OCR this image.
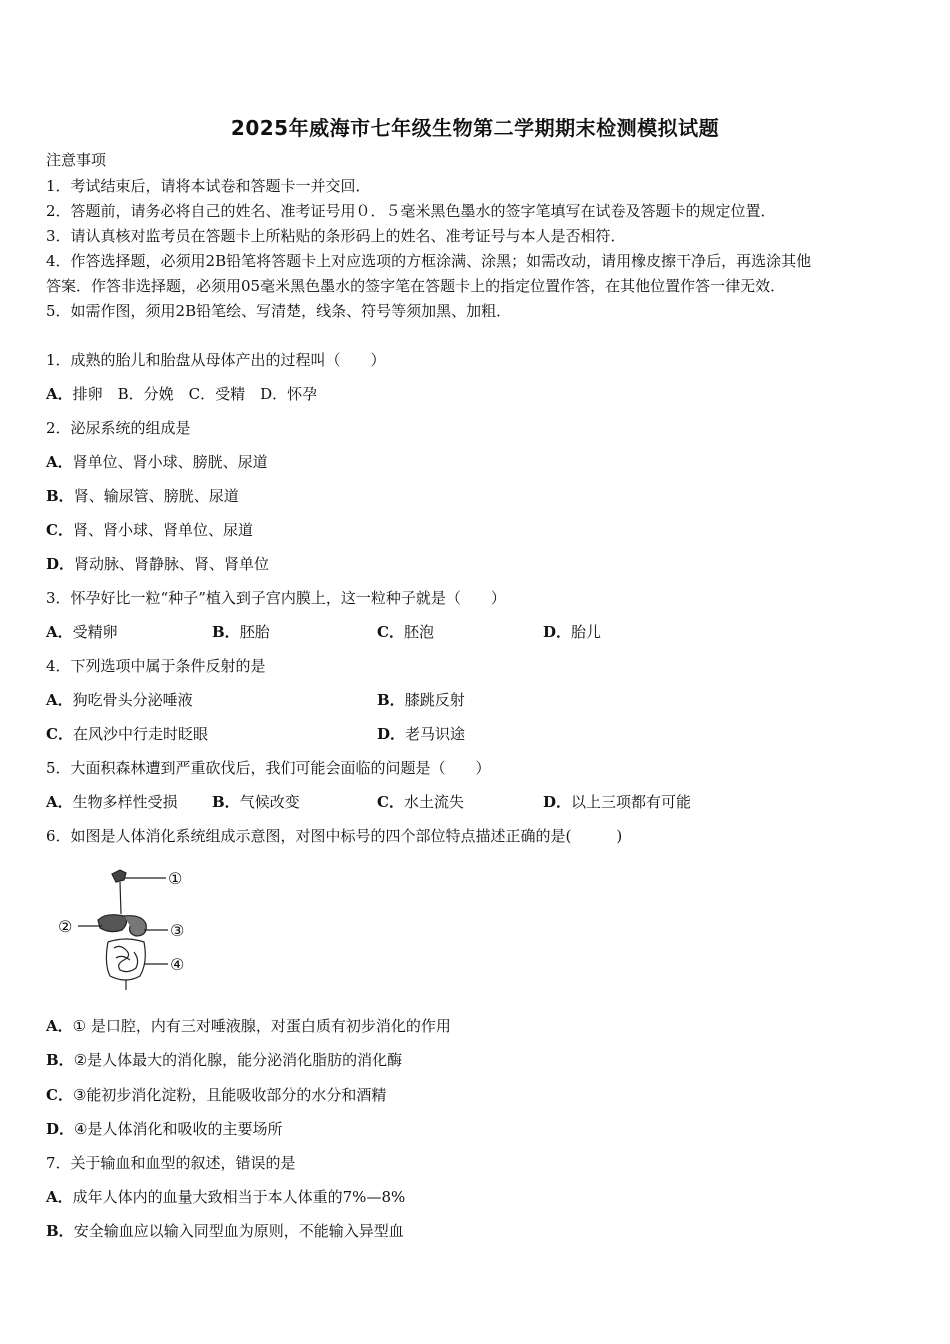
2025年威海市七年级生物第二学期期末检测模拟试题
注意事项
1．考试结束后，请将本试卷和答题卡一并交回．
2．答题前，请务必将自己的姓名、准考证号用０．５毫米黑色墨水的签字笔填写在试卷及答题卡的规定位置．
3．请认真核对监考员在答题卡上所粘贴的条形码上的姓名、准考证号与本人是否相符．
4．作答选择题，必须用2B铅笔将答题卡上对应选项的方框涂满、涂黑；如需改动，请用橡皮擦干净后，再选涂其他
答案．作答非选择题，必须用05毫米黑色墨水的签字笔在答题卡上的指定位置作答，在其他位置作答一律无效．
5．如需作图，须用2B铅笔绘、写清楚，线条、符号等须加黑、加粗．
1．成熟的胎儿和胎盘从母体产出的过程叫（　　）
A．排卵　B．分娩　C．受精　D．怀孕
2．泌尿系统的组成是
A．肾单位、肾小球、膀胱、尿道
B．肾、输尿管、膀胱、尿道
C．肾、肾小球、肾单位、尿道
D．肾动脉、肾静脉、肾、肾单位
3．怀孕好比一粒“种子”植入到子宫内膜上，这一粒种子就是（　　）
A．受精卵	B．胚胎	C．胚泡	D．胎儿
4．下列选项中属于条件反射的是
A．狗吃骨头分泌唾液	B．膝跳反射
C．在风沙中行走时眨眼	D．老马识途
5．大面积森林遭到严重砍伐后，我们可能会面临的问题是（　　）
A．生物多样性受损 B．气候改变	C．水土流失	D．以上三项都有可能
6．如图是人体消化系统组成示意图，对图中标号的四个部位特点描述正确的是(　　　)
①
②	③
④
A．① 是口腔，内有三对唾液腺，对蛋白质有初步消化的作用
B．②是人体最大的消化腺，能分泌消化脂肪的消化酶
C．③能初步消化淀粉，且能吸收部分的水分和酒精
D．④是人体消化和吸收的主要场所
7．关于输血和血型的叙述，错误的是
A．成年人体内的血量大致相当于本人体重的7%—8%
B．安全输血应以输入同型血为原则，不能输入异型血
